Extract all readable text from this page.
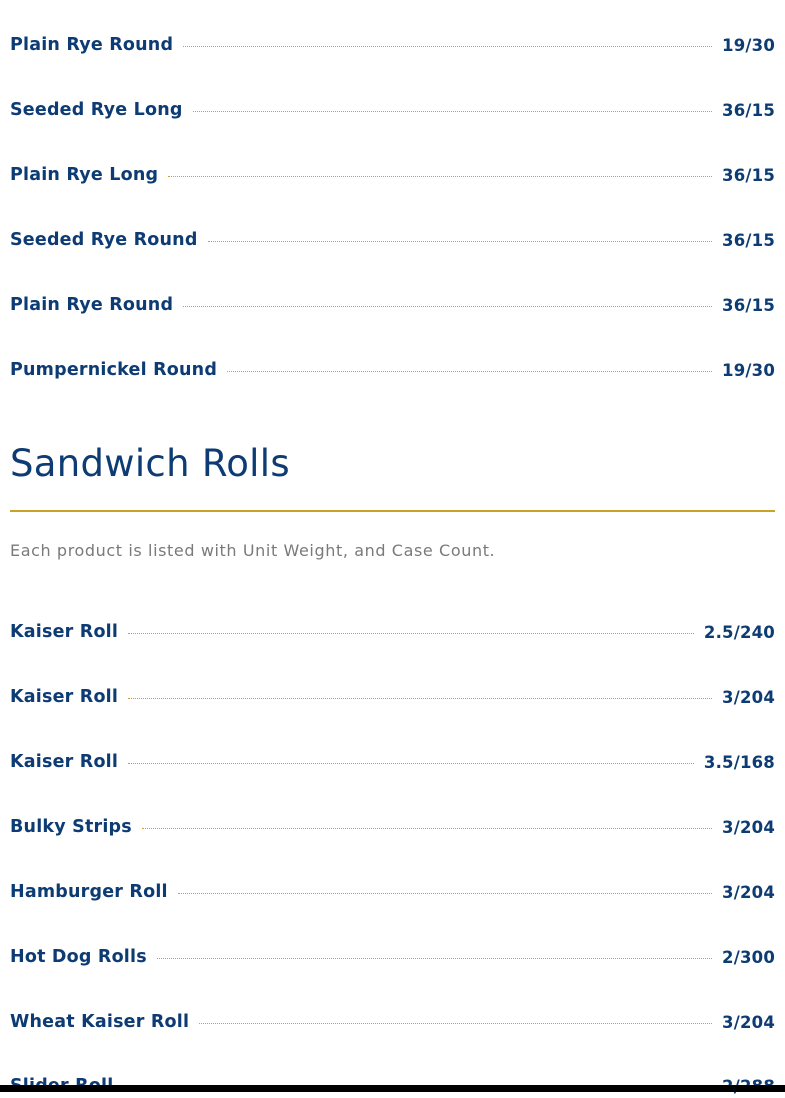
Plain Rye Round	19/30
Seeded Rye Long	36/15
Plain Rye Long	36/15
Seeded Rye Round	36/15
Plain Rye Round	36/15
Pumpernickel Round	19/30
Sandwich Rolls
Each product is listed with Unit Weight, and Case Count.
Kaiser Roll	2.5/240
Kaiser Roll	3/204
Kaiser Roll	3.5/168
Bulky Strips	3/204
Hamburger Roll	3/204
Hot Dog Rolls	2/300
Wheat Kaiser Roll	3/204
